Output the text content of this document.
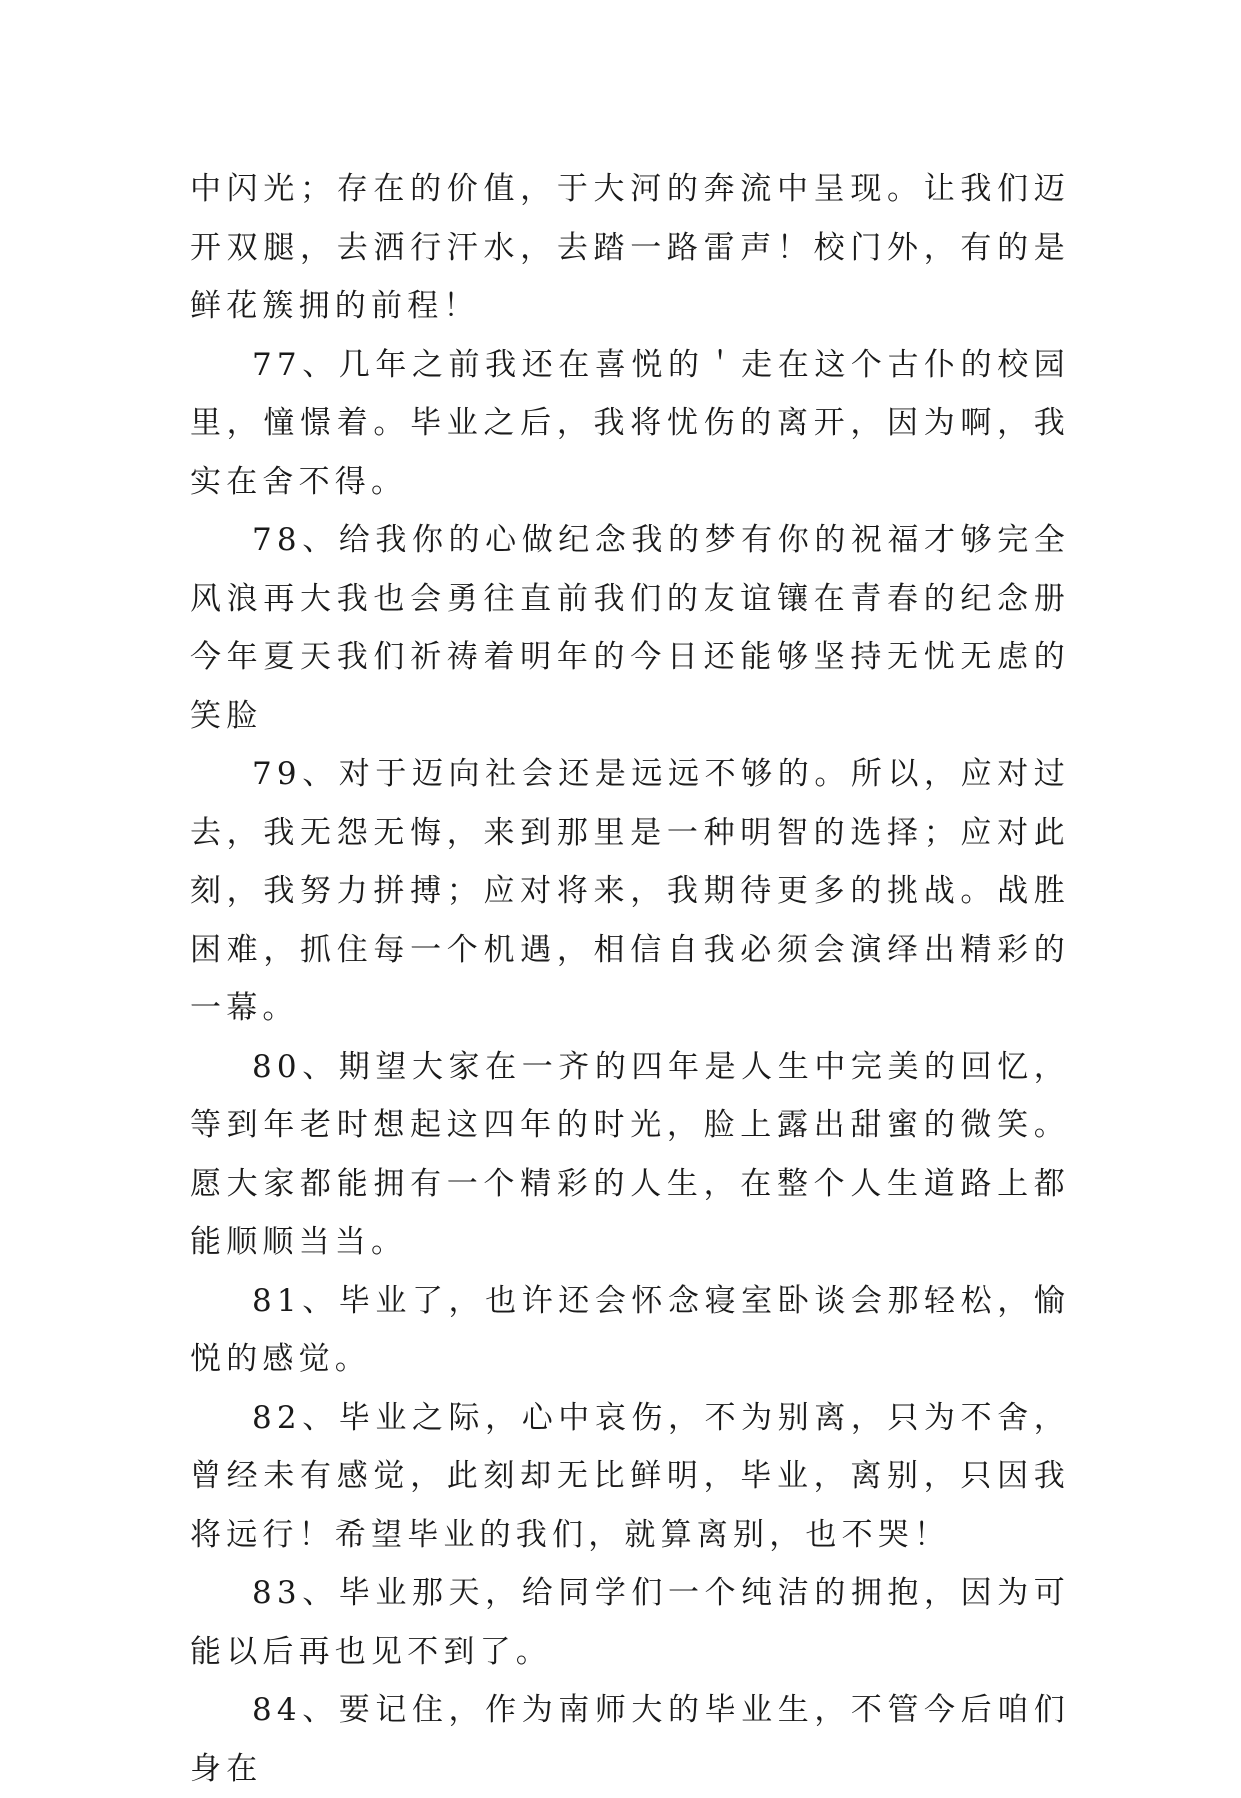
中闪光；存在的价值，于大河的奔流中呈现。让我们迈开双腿，去洒行汗水，去踏一路雷声！校门外，有的是鲜花簇拥的前程！

77、几年之前我还在喜悦的＇走在这个古仆的校园里，憧憬着。毕业之后，我将忧伤的离开，因为啊，我实在舍不得。

78、给我你的心做纪念我的梦有你的祝福才够完全风浪再大我也会勇往直前我们的友谊镶在青春的纪念册今年夏天我们祈祷着明年的今日还能够坚持无忧无虑的笑脸

79、对于迈向社会还是远远不够的。所以，应对过去，我无怨无悔，来到那里是一种明智的选择；应对此刻，我努力拼搏；应对将来，我期待更多的挑战。战胜困难，抓住每一个机遇，相信自我必须会演绎出精彩的一幕。

80、期望大家在一齐的四年是人生中完美的回忆，等到年老时想起这四年的时光，脸上露出甜蜜的微笑。愿大家都能拥有一个精彩的人生，在整个人生道路上都能顺顺当当。

81、毕业了，也许还会怀念寝室卧谈会那轻松，愉悦的感觉。

82、毕业之际，心中哀伤，不为别离，只为不舍，曾经未有感觉，此刻却无比鲜明，毕业，离别，只因我将远行！希望毕业的我们，就算离别，也不哭！

83、毕业那天，给同学们一个纯洁的拥抱，因为可能以后再也见不到了。

84、要记住，作为南师大的毕业生，不管今后咱们身在
